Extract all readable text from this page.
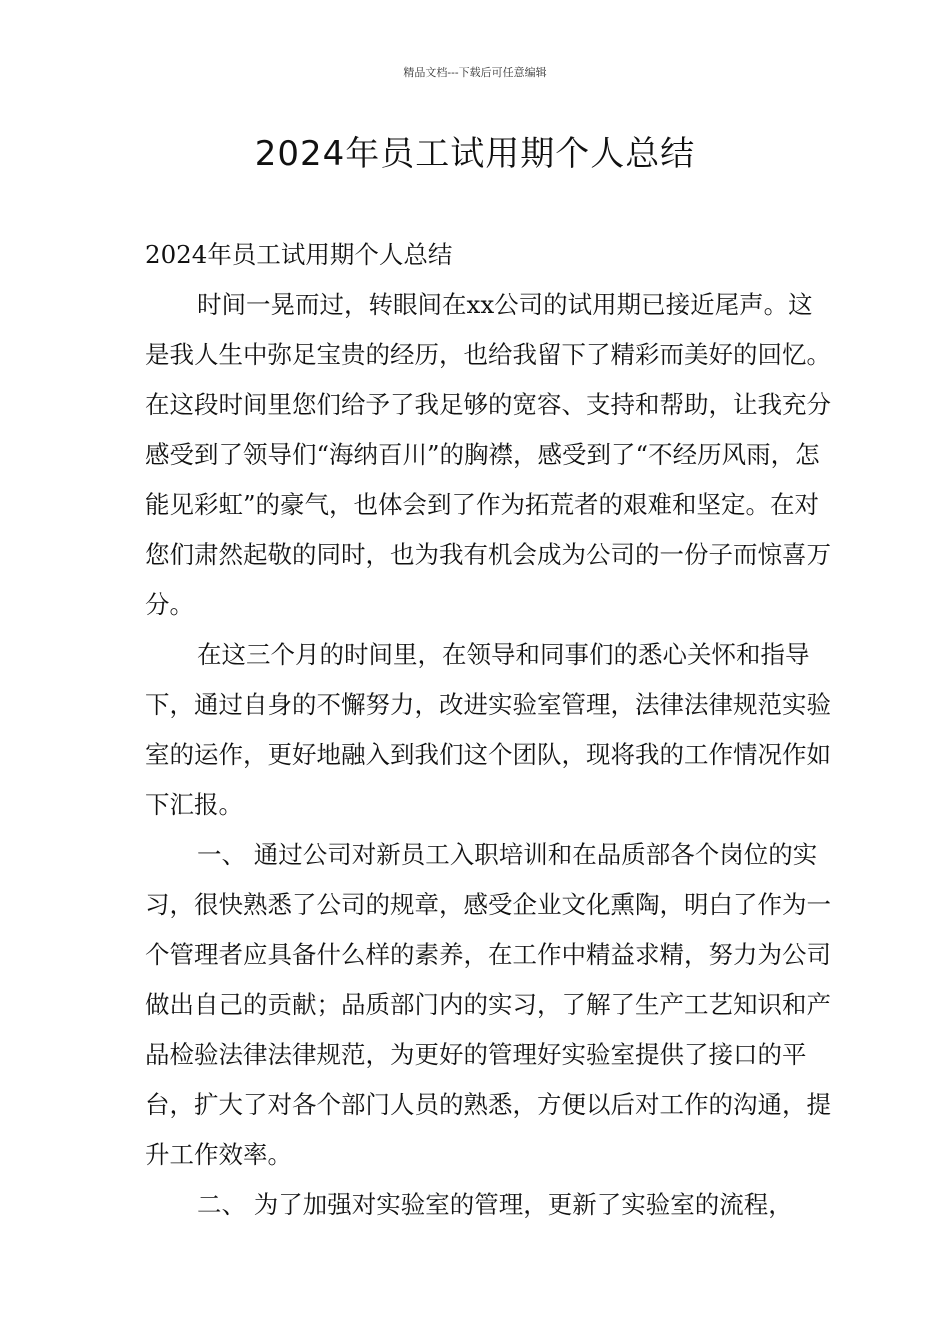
精品文档---下载后可任意编辑
2024年员工试用期个人总结

2024年员工试用期个人总结

时间一晃而过，转眼间在xx公司的试用期已接近尾声。这是我人生中弥足宝贵的经历，也给我留下了精彩而美好的回忆。在这段时间里您们给予了我足够的宽容、支持和帮助，让我充分感受到了领导们“海纳百川”的胸襟，感受到了“不经历风雨，怎能见彩虹”的豪气，也体会到了作为拓荒者的艰难和坚定。在对您们肃然起敬的同时，也为我有机会成为公司的一份子而惊喜万分。

在这三个月的时间里，在领导和同事们的悉心关怀和指导下，通过自身的不懈努力，改进实验室管理，法律法律规范实验室的运作，更好地融入到我们这个团队，现将我的工作情况作如下汇报。

一、 通过公司对新员工入职培训和在品质部各个岗位的实习，很快熟悉了公司的规章，感受企业文化熏陶，明白了作为一个管理者应具备什么样的素养，在工作中精益求精，努力为公司做出自己的贡献；品质部门内的实习，了解了生产工艺知识和产品检验法律法律规范，为更好的管理好实验室提供了接口的平台，扩大了对各个部门人员的熟悉，方便以后对工作的沟通，提升工作效率。

二、 为了加强对实验室的管理，更新了实验室的流程，
